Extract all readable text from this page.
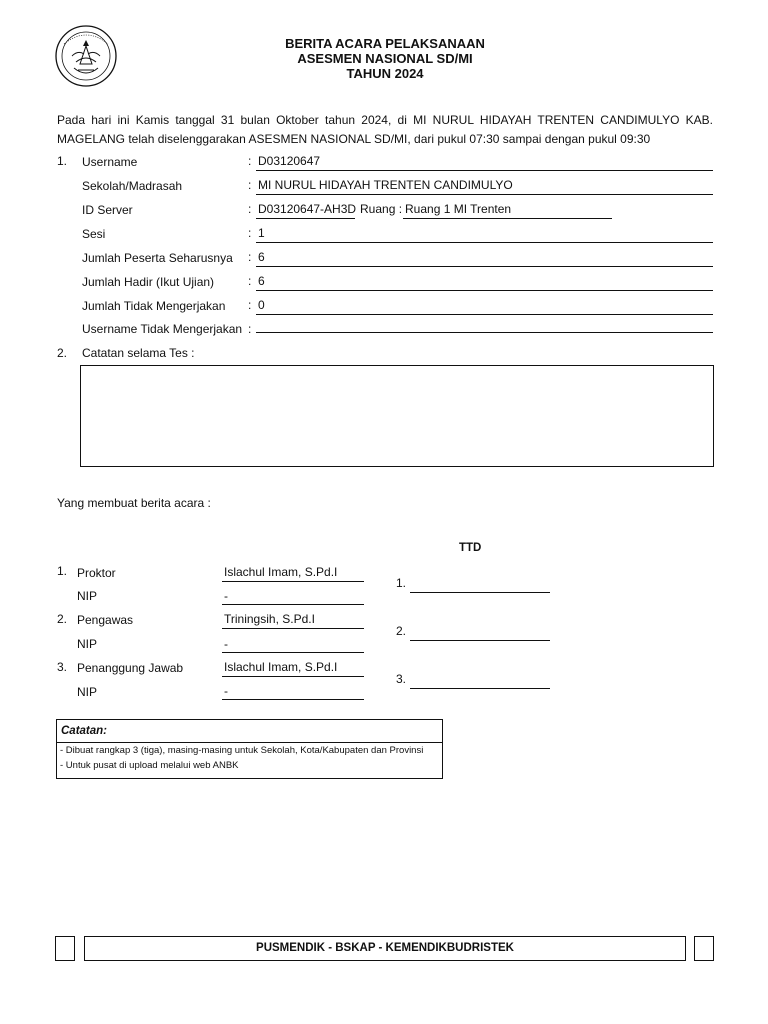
BERITA ACARA PELAKSANAAN
ASESMEN NASIONAL SD/MI
TAHUN 2024
Pada hari ini Kamis tanggal 31 bulan Oktober tahun 2024, di MI NURUL HIDAYAH TRENTEN CANDIMULYO KAB.
MAGELANG telah diselenggarakan ASESMEN NASIONAL SD/MI, dari pukul 07:30 sampai dengan pukul 09:30
1. Username	: D03120647
Sekolah/Madrasah	: MI NURUL HIDAYAH TRENTEN CANDIMULYO
ID Server	: D03120647-AH3D Ruang : Ruang 1 MI Trenten
Sesi	: 1
Jumlah Peserta Seharusnya : 6
Jumlah Hadir (Ikut Ujian)	: 6
Jumlah Tidak Mengerjakan : 0
Username Tidak Mengerjakan :
2. Catatan selama Tes :
Yang membuat berita acara :
TTD
1. Proktor	Islachul Imam, S.Pd.I
NIP	-
1.
2. Pengawas	Triningsih, S.Pd.I
NIP	-
2.
3. Penanggung Jawab	Islachul Imam, S.Pd.I
NIP	-
3.
Catatan:
- Dibuat rangkap 3 (tiga), masing-masing untuk Sekolah, Kota/Kabupaten dan Provinsi
- Untuk pusat di upload melalui web ANBK
PUSMENDIK - BSKAP - KEMENDIKBUDRISTEK
